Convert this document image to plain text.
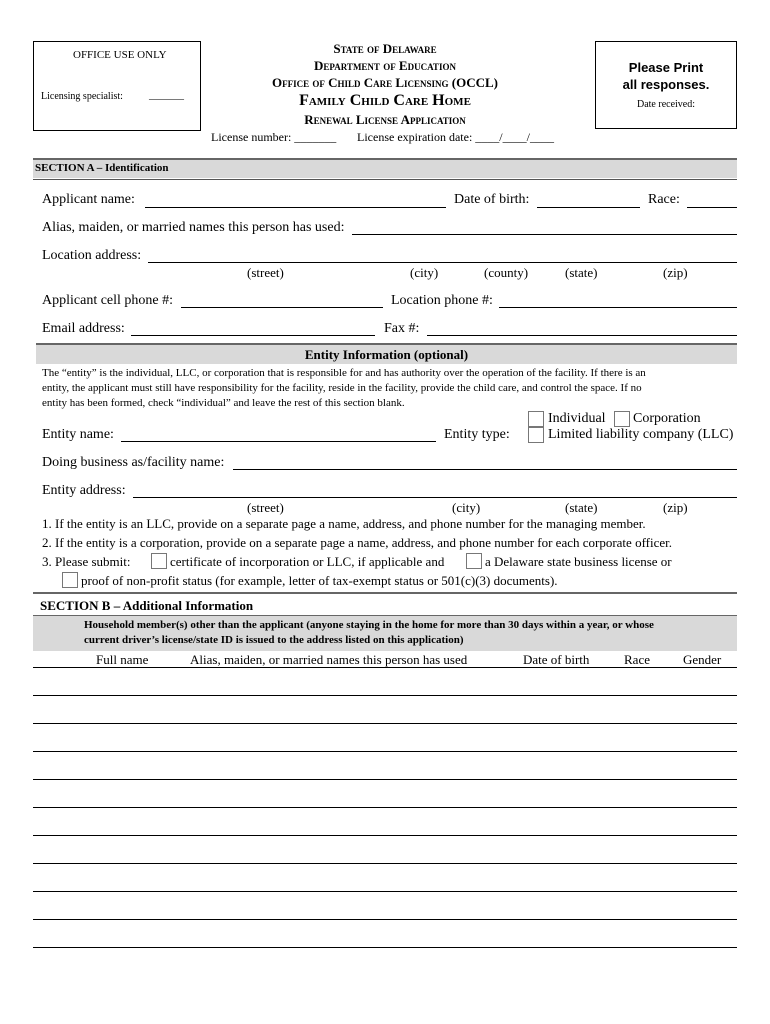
OFFICE USE ONLY
Licensing specialist:	_______
State of Delaware
Department of Education
Office of Child Care Licensing (OCCL)
Family Child Care Home
Renewal License Application
License number: _______ License expiration date: ____/____/____
Please Print
all responses.
Date received:
SECTION A – Identification
Applicant name:	Date of birth:	Race:
Alias, maiden, or married names this person has used:
Location address:
(street)	(city)	(county)	(state)	(zip)
Applicant cell phone #:	Location phone #:
Email address:	Fax #:
Entity Information (optional)
The “entity” is the individual, LLC, or corporation that is responsible for and has authority over the operation of the facility. If there is an
entity, the applicant must still have responsibility for the facility, reside in the facility, provide the child care, and control the space. If no
entity has been formed, check “individual” and leave the rest of this section blank.
Individual Corporation
Limited liability company (LLC)
Entity name:	Entity type:
Doing business as/facility name:
Entity address:
(street)	(city)	(state)	(zip)
1. If the entity is an LLC, provide on a separate page a name, address, and phone number for the managing member.
2. If the entity is a corporation, provide on a separate page a name, address, and phone number for each corporate officer.
3. Please submit:	certificate of incorporation or LLC, if applicable and	a Delaware state business license or
proof of non-profit status (for example, letter of tax-exempt status or 501(c)(3) documents).
SECTION B – Additional Information
Household member(s) other than the applicant (anyone staying in the home for more than 30 days within a year, or whose
current driver’s license/state ID is issued to the address listed on this application)
Full name	Alias, maiden, or married names this person has used	Date of birth	Race	Gender
